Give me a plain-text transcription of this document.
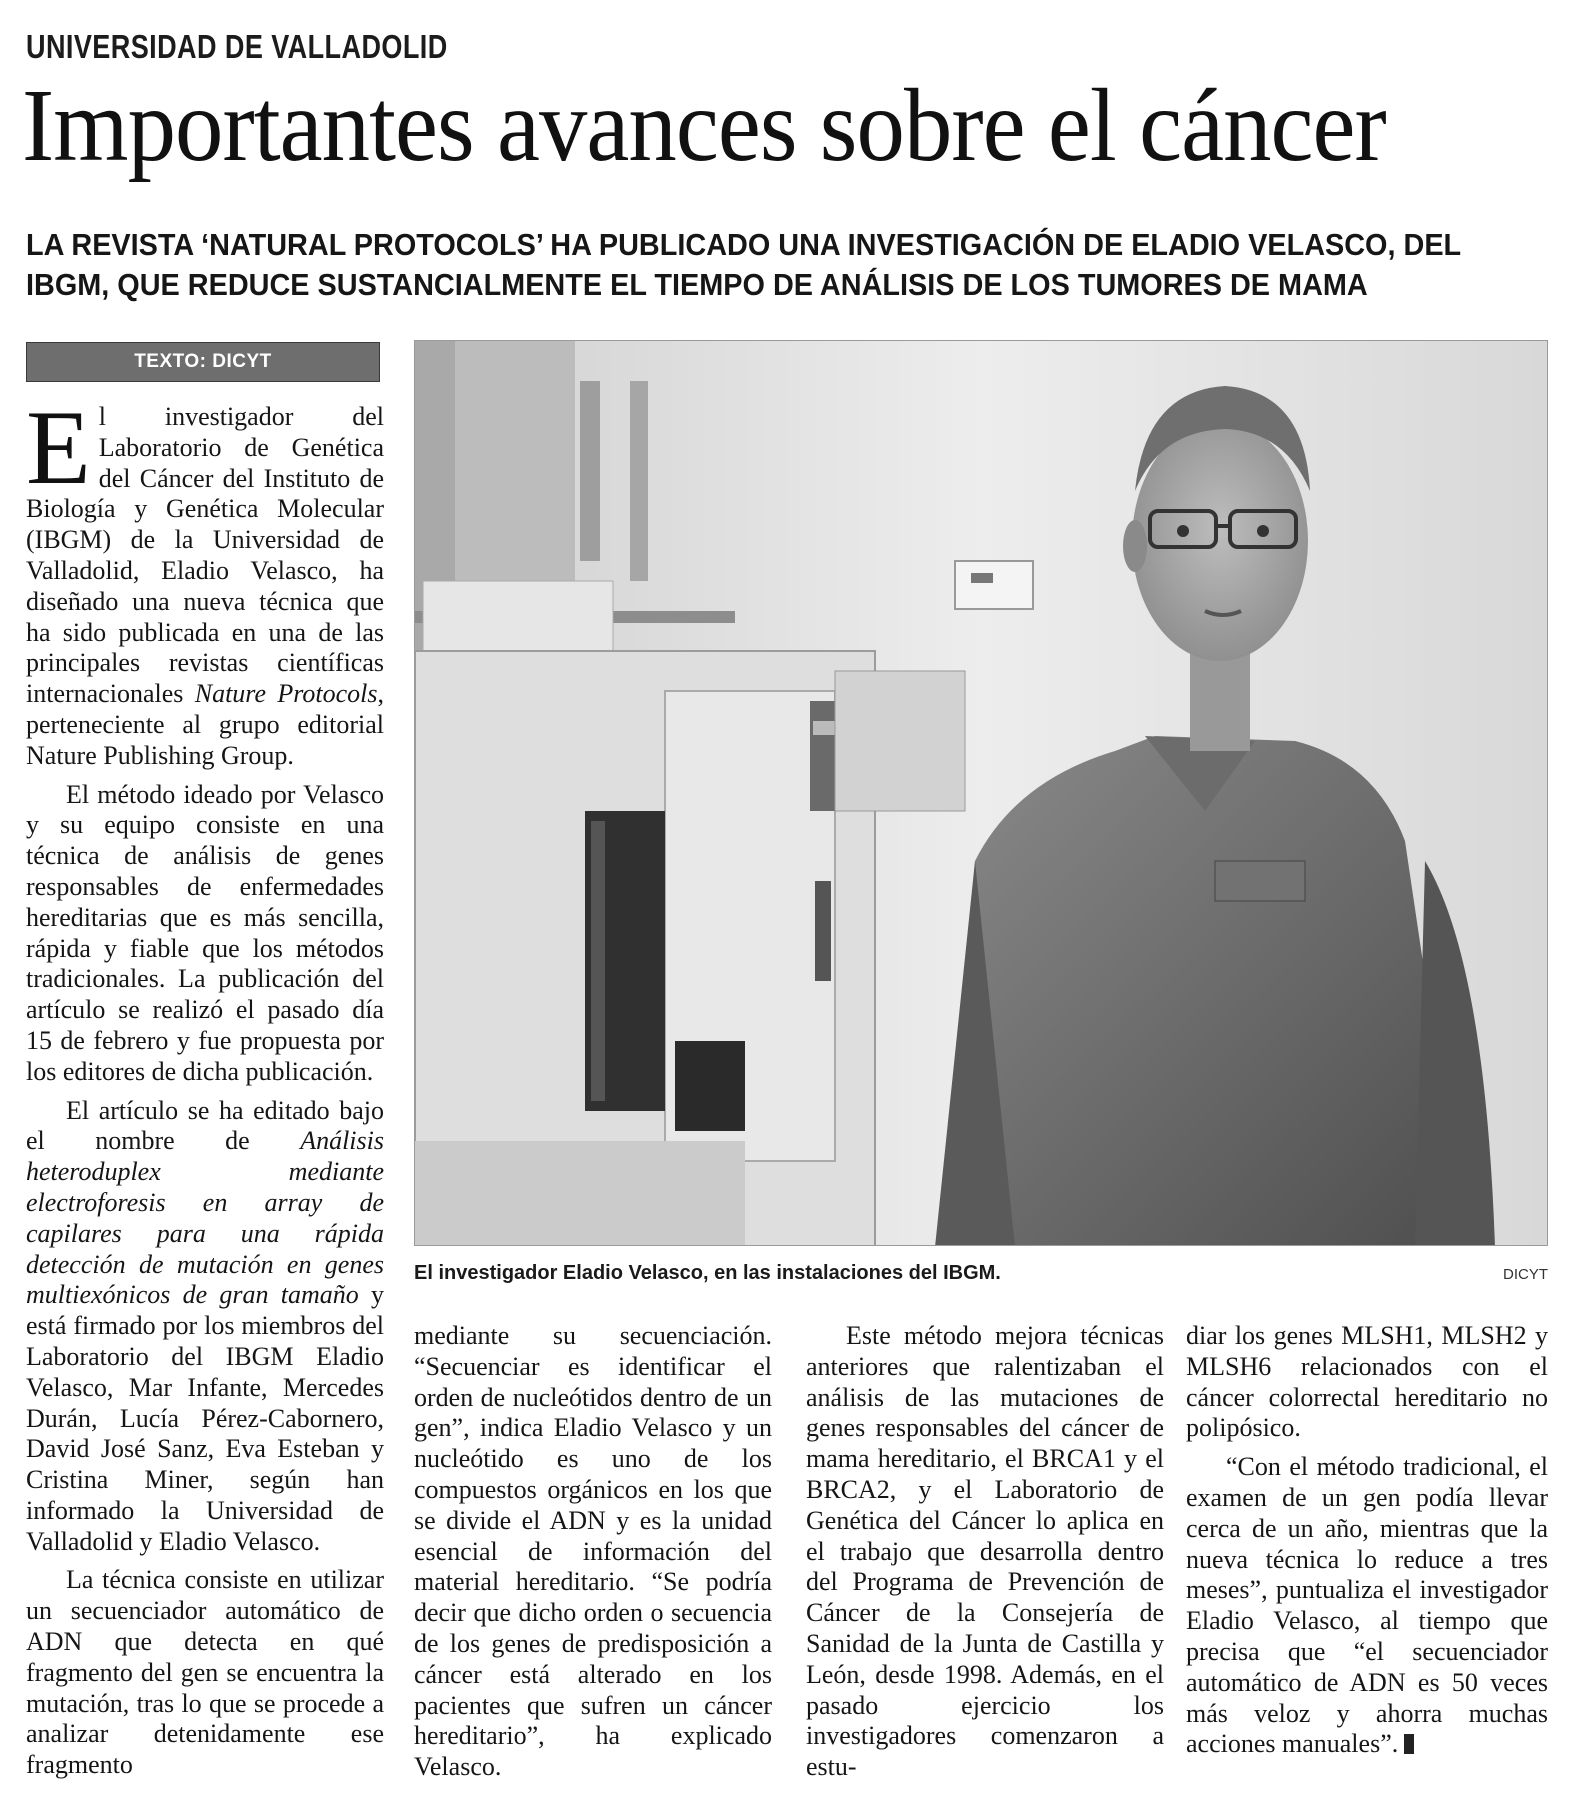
UNIVERSIDAD DE VALLADOLID
Importantes avances sobre el cáncer
LA REVISTA ‘NATURAL PROTOCOLS’ HA PUBLICADO UNA INVESTIGACIÓN DE ELADIO VELASCO, DEL
IBGM, QUE REDUCE SUSTANCIALMENTE EL TIEMPO DE ANÁLISIS DE LOS TUMORES DE MAMA
TEXTO: DICYT

El investigador del Laboratorio de Genética del Cáncer del Instituto de Biología y Genética Molecular (IBGM) de la Universidad de Valladolid, Eladio Velasco, ha diseñado una nueva técnica que ha sido publicada en una de las principales revistas científicas internacionales Nature Protocols, perteneciente al grupo editorial Nature Publishing Group.

El método ideado por Velasco y su equipo consiste en una técnica de análisis de genes responsables de enfermedades hereditarias que es más sencilla, rápida y fiable que los métodos tradicionales. La publicación del artículo se realizó el pasado día 15 de febrero y fue propuesta por los editores de dicha publicación.

El artículo se ha editado bajo el nombre de Análisis heteroduplex mediante electroforesis en array de capilares para una rápida detección de mutación en genes multiexónicos de gran tamaño y está firmado por los miembros del Laboratorio del IBGM Eladio Velasco, Mar Infante, Mercedes Durán, Lucía Pérez-Cabornero, David José Sanz, Eva Esteban y Cristina Miner, según han informado la Universidad de Valladolid y Eladio Velasco.

La técnica consiste en utilizar un secuenciador automático de ADN que detecta en qué fragmento del gen se encuentra la mutación, tras lo que se procede a analizar detenidamente ese fragmento

El investigador Eladio Velasco, en las instalaciones del IBGM.	DICYT

mediante su secuenciación. “Secuenciar es identificar el orden de nucleótidos dentro de un gen”, indica Eladio Velasco y un nucleótido es uno de los compuestos orgánicos en los que se divide el ADN y es la unidad esencial de información del material hereditario. “Se podría decir que dicho orden o secuencia de los genes de predisposición a cáncer está alterado en los pacientes que sufren un cáncer hereditario”, ha explicado Velasco.

Este método mejora técnicas anteriores que ralentizaban el análisis de las mutaciones de genes responsables del cáncer de mama hereditario, el BRCA1 y el BRCA2, y el Laboratorio de Genética del Cáncer lo aplica en el trabajo que desarrolla dentro del Programa de Prevención de Cáncer de la Consejería de Sanidad de la Junta de Castilla y León, desde 1998. Además, en el pasado ejercicio los investigadores comenzaron a estu-

diar los genes MLSH1, MLSH2 y MLSH6 relacionados con el cáncer colorrectal hereditario no polipósico.

“Con el método tradicional, el examen de un gen podía llevar cerca de un año, mientras que la nueva técnica lo reduce a tres meses”, puntualiza el investigador Eladio Velasco, al tiempo que precisa que “el secuenciador automático de ADN es 50 veces más veloz y ahorra muchas acciones manuales”.
